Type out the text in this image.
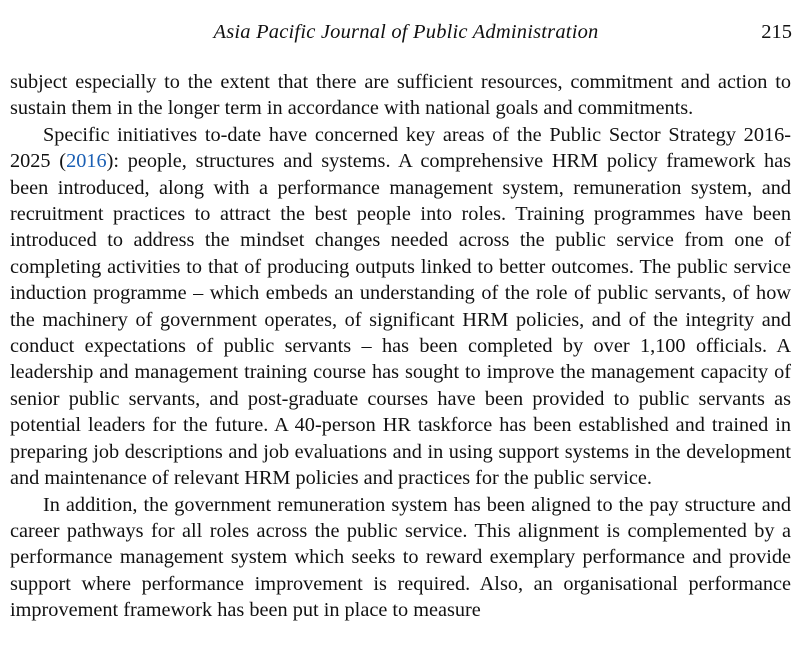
Asia Pacific Journal of Public Administration	215

subject especially to the extent that there are sufficient resources, commitment and action to sustain them in the longer term in accordance with national goals and commitments.

Specific initiatives to-date have concerned key areas of the Public Sector Strategy 2016-2025 (2016): people, structures and systems. A comprehensive HRM policy framework has been introduced, along with a performance management system, remuneration system, and recruitment practices to attract the best people into roles. Training programmes have been introduced to address the mindset changes needed across the public service from one of completing activities to that of producing outputs linked to better outcomes. The public service induction programme – which embeds an understanding of the role of public servants, of how the machinery of government operates, of significant HRM policies, and of the integrity and conduct expectations of public servants – has been completed by over 1,100 officials. A leadership and management training course has sought to improve the management capacity of senior public servants, and post-graduate courses have been provided to public servants as potential leaders for the future. A 40-person HR taskforce has been established and trained in preparing job descriptions and job evaluations and in using support systems in the development and maintenance of relevant HRM policies and practices for the public service.

In addition, the government remuneration system has been aligned to the pay structure and career pathways for all roles across the public service. This alignment is complemented by a performance management system which seeks to reward exemplary performance and provide support where performance improvement is required. Also, an organisational performance improvement framework has been put in place to measure
